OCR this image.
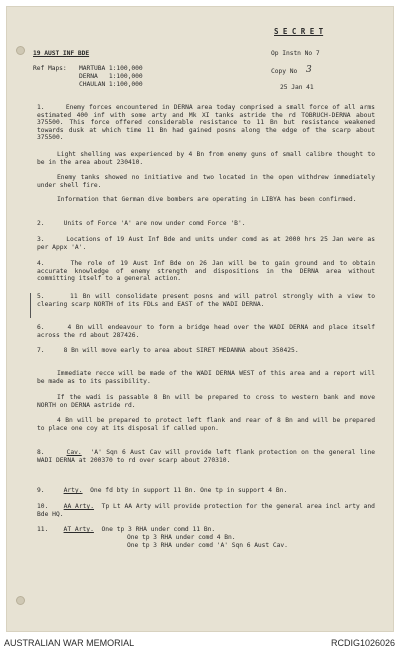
S E C R E T
19 AUST INF BDE	Op Instn No 7
Ref Maps: MARTUBA 1:100,000
DERNA   1:100,000
CHAULAN 1:100,000
Copy No 3
25 Jan 41
1.	Enemy forces encountered in DERNA area today comprised a small force of all arms estimated 400 inf with some arty and Mk XI tanks astride the rd TOBRUCH-DERNA about 375500. This force offered considerable resistance to 11 Bn but resistance weakened towards dusk at which time 11 Bn had gained posns along the edge of the scarp about 375500.
Light shelling was experienced by 4 Bn from enemy guns of small calibre thought to be in the area about 230410.
Enemy tanks showed no initiative and two located in the open withdrew immediately under shell fire.
Information that German dive bombers are operating in LIBYA has been confirmed.
2.	Units of Force 'A' are now under comd Force 'B'.
3.	Locations of 19 Aust Inf Bde and units under comd as at 2000 hrs 25 Jan were as per Appx 'A'.
4.	The role of 19 Aust Inf Bde on 26 Jan will be to gain ground and to obtain accurate knowledge of enemy strength and dispositions in the DERNA area without committing itself to a general action.
5.	11 Bn will consolidate present posns and will patrol strongly with a view to clearing scarp NORTH of its FDLs and EAST of the WADI DERNA.
6.	4 Bn will endeavour to form a bridge head over the WADI DERNA and place itself across the rd about 287426.
7.	8 Bn will move early to area about SIRET MEDANNA about 350425.
Immediate recce will be made of the WADI DERNA WEST of this area and a report will be made as to its passibility.
If the wadi is passable 8 Bn will be prepared to cross to western bank and move NORTH on DERNA astride rd.
4 Bn will be prepared to protect left flank and rear of 8 Bn and will be prepared to place one coy at its disposal if called upon.
8.	Cav. 'A' Sqn 6 Aust Cav will provide left flank protection on the general line WADI DERNA at 200370 to rd over scarp about 270310.
9.	Arty. One fd bty in support 11 Bn. One tp in support 4 Bn.
10. AA Arty. Tp Lt AA Arty will provide protection for the general area incl arty and Bde HQ.
11. AT Arty. One tp 3 RHA under comd 11 Bn.
One tp 3 RHA under comd 4 Bn.
One tp 3 RHA under comd 'A' Sqn 6 Aust Cav.
AUSTRALIAN WAR MEMORIAL	RCDIG1026026
